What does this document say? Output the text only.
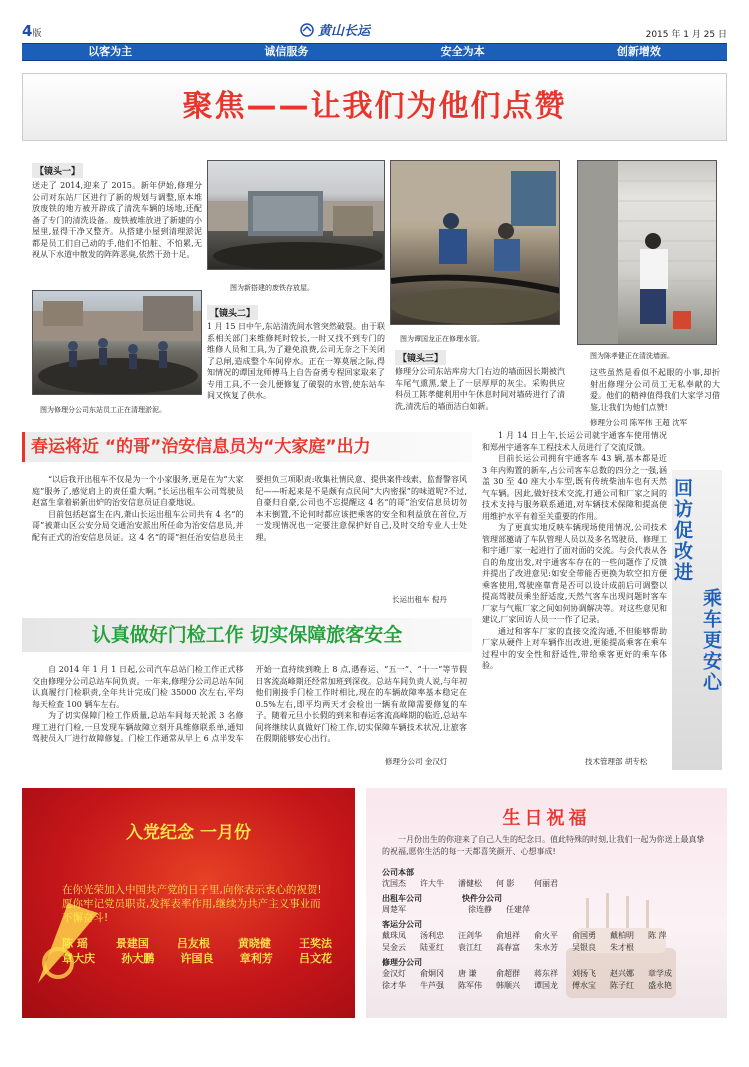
4版	黄山长运	2015 年 1 月 25 日
以客为主	诚信服务	安全为本	创新增效
聚焦——让我们为他们点赞
【镜头一】
送走了 2014,迎来了 2015。新年伊始,修理分公司对东站厂区进行了新的规划与调整,原本堆放废铁的地方被开辟成了清洗车辆的场地,还配备了专门的清洗设备。废铁被堆放进了新建的小屋里,显得干净又整齐。从搭建小屋到清理淤泥都是员工们自己动的手,他们不怕脏、不怕累,无视从下水道中散发的阵阵恶臭,依然干劲十足。
图为修理分公司东站员工正在清理淤泥。
图为新搭建的废铁存放屋。
【镜头二】
1 月 15 日中午,东站清洗间水管突然破裂。由于联系相关部门来维修耗时较长,一时又找不到专门的维修人员和工具,为了避免浪费,公司无奈之下关闭了总闸,造成整个车间停水。正在一筹莫展之际,得知情况的谭国龙师傅马上自告奋勇专程回家取来了专用工具,不一会儿便修复了破裂的水管,使东站车间又恢复了供水。
图为谭国龙正在修理水管。
【镜头三】
修理分公司东站库房大门右边的墙面因长期被汽车尾气熏黑,蒙上了一层厚厚的灰尘。采购供应科员工陈孝健利用中午休息时间对墙砖进行了清洗,清洗后的墙面洁白如新。
图为陈孝健正在清洗墙面。
这些虽然是看似不起眼的小事,却折射出修理分公司员工无私奉献的大爱。他们的精神值得我们大家学习借鉴,让我们为他们点赞!
修理分公司 陈军伟 王超 沈军
春运将近 “的哥”治安信息员为“大家庭”出力

“以后我开出租车不仅是为一个小家服务,更是在为“大家庭”服务了,感觉肩上的责任重大啊。”长运出租车公司驾驶员赵富生拿着崭新出炉的治安信息员证自豪地说。

目前包括赵富生在内,萧山长运出租车公司共有 4 名“的哥”被萧山区公安分局交通治安派出所任命为治安信息员,并配有正式的治安信息员证。这 4 名“的哥”担任治安信息员主要担负三项职责:收集社情民意、提供案件线索、监督警容风纪——听起来是不是颇有点民间“大内密探”的味道呢?不过,自豪归自豪,公司也不忘提醒这 4 名“的哥”治安信息员切勿本末倒置,不论何时都应该把乘客的安全和利益放在首位,万一发现情况也一定要注意保护好自己,及时交给专业人士处理。

长运出租车 倪丹
认真做好门检工作 切实保障旅客安全

自 2014 年 1 月 1 日起,公司汽车总站门检工作正式移交由修理分公司总站车间负责。一年来,修理分公司总站车间认真履行门检职责,全年共计完成门检 35000 次左右,平均每天检查 100 辆车左右。

为了切实保障门检工作质量,总站车间每天轮派 3 名修理工进行门检,一旦发现车辆故障立刻开具维修联系单,通知驾驶员入厂进行故障修复。门检工作通常从早上 6 点半发车开始一直持续到晚上 8 点,遇春运、“五一”、“十一”等节假日客流高峰期还经常加班到深夜。总站车间负责人说,与年初他们刚接手门检工作时相比,现在的车辆故障率基本稳定在 0.5%左右,即平均两天才会检出一辆有故障需要修复的车子。随着元旦小长假的到来和春运客流高峰期的临近,总站车间将继续认真做好门检工作,切实保障车辆技术状况,让旅客在假期能够安心出行。

修理分公司 金汉灯

1 月 14 日上午,长运公司就宇通客车使用情况和郑州宇通客车工程技术人员进行了交流反馈。

目前长运公司拥有宇通客车 43 辆,基本都是近 3 年内购置的新车,占公司客车总数的四分之一强,涵盖 30 至 40 座大小车型,既有传统柴油车也有天然气车辆。因此,做好技术交流,打通公司和厂家之间的技术支持与服务联系通道,对车辆技术保障和提高使用维护水平有着至关重要的作用。

为了更真实地反映车辆现场使用情况,公司技术管理部邀请了车队管理人员以及多名驾驶员、修理工和宇通厂家一起进行了面对面的交流。与会代表从各自的角度出发,对宇通客车存在的一些问题作了反馈并提出了改进意见:如安全带能否更换为软空扣方便乘客使用,驾驶座靠背是否可以设计成前后可调整以提高驾驶员乘坐舒适度,天然气客车出现问题时客车厂家与气瓶厂家之间如何协调解决等。对这些意见和建议,厂家回访人员一一作了记录。

通过和客车厂家的直接交流沟通,不但能够帮助厂家从硬件上对车辆作出改进,更能提高乘客在乘车过程中的安全性和舒适性,带给乘客更好的乘车体验。

技术管理部 胡专松
回访促改进
乘车更安心
入党纪念 一月份
在你光荣加入中国共产党的日子里,向你表示衷心的祝贺!愿你牢记党员职责,发挥表率作用,继续为共产主义事业而不懈奋斗!
陈 瑶	景建国	吕友根	黄晓健	王奖法
章大庆 孙大鹏 许国良 章利芳 吕文花
生日祝福
一月份出生的你迎来了自己人生的纪念日。值此特殊的时刻,让我们一起为你送上最真挚的祝福,愿你生活的每一天都喜笑颜开、心想事成!
公司本部
沈国杰	许大牛	潘健松	何 影	何丽君
出租车公司	快件分公司
周楚军	徐连静	任建萍
客运分公司
戴珠凤	汤利忠	汪剑华	俞旭祥	俞火平	俞国勇	戴柏明	陈 萍
吴金云	陆亚红	袁江红	高春富	朱水芳	吴银良	朱才根
修理分公司
金汉灯	俞炯冈	唐 谦	俞超群	蒋东祥	刘扬飞	赵兴娜	章学成
徐才华	牛芦强	陈军伟	韩顺兴	谭国龙	傅水宝	陈子红	盛永艳
